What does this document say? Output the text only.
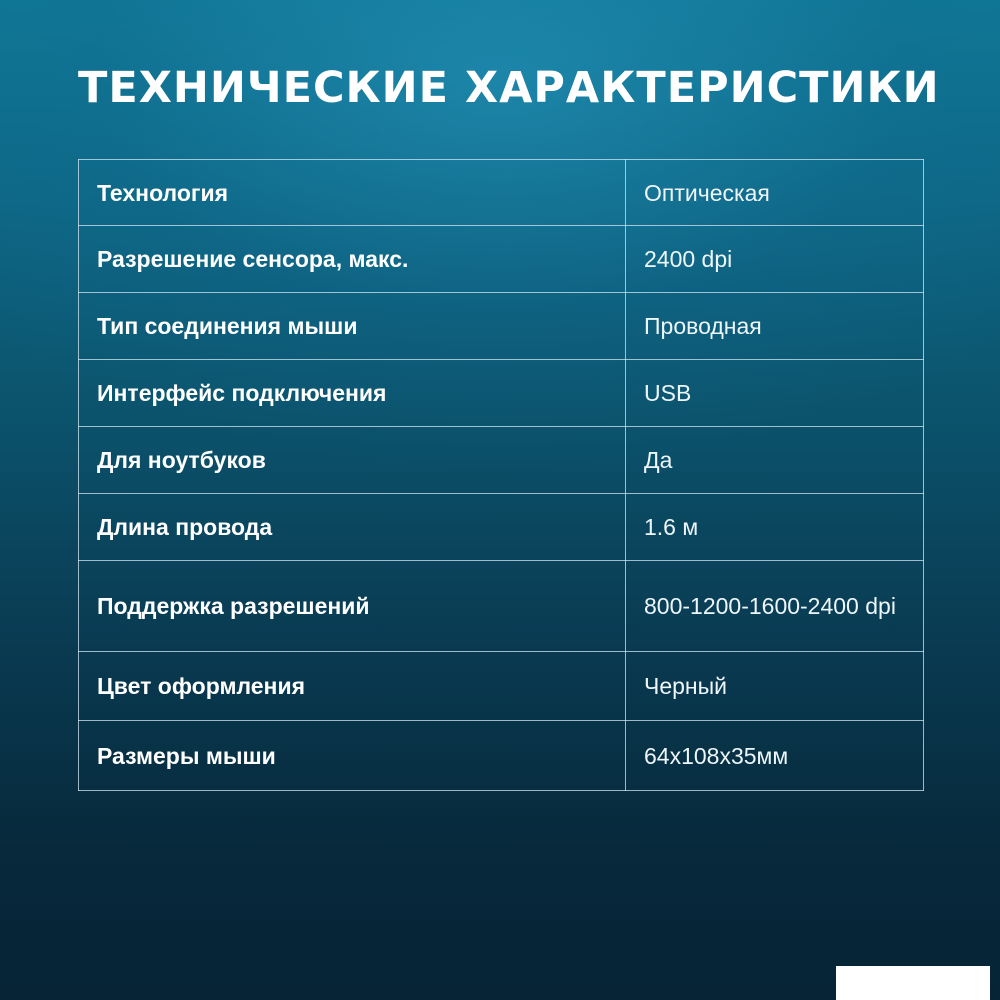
ТЕХНИЧЕСКИЕ ХАРАКТЕРИСТИКИ
Технология	Оптическая
Разрешение сенсора, макс.	2400 dpi
Тип соединения мыши	Проводная
Интерфейс подключения	USB
Для ноутбуков	Да
Длина провода	1.6 м
Поддержка разрешений	800-1200-1600-2400 dpi
Цвет оформления	Черный
Размеры мыши	64x108x35мм
